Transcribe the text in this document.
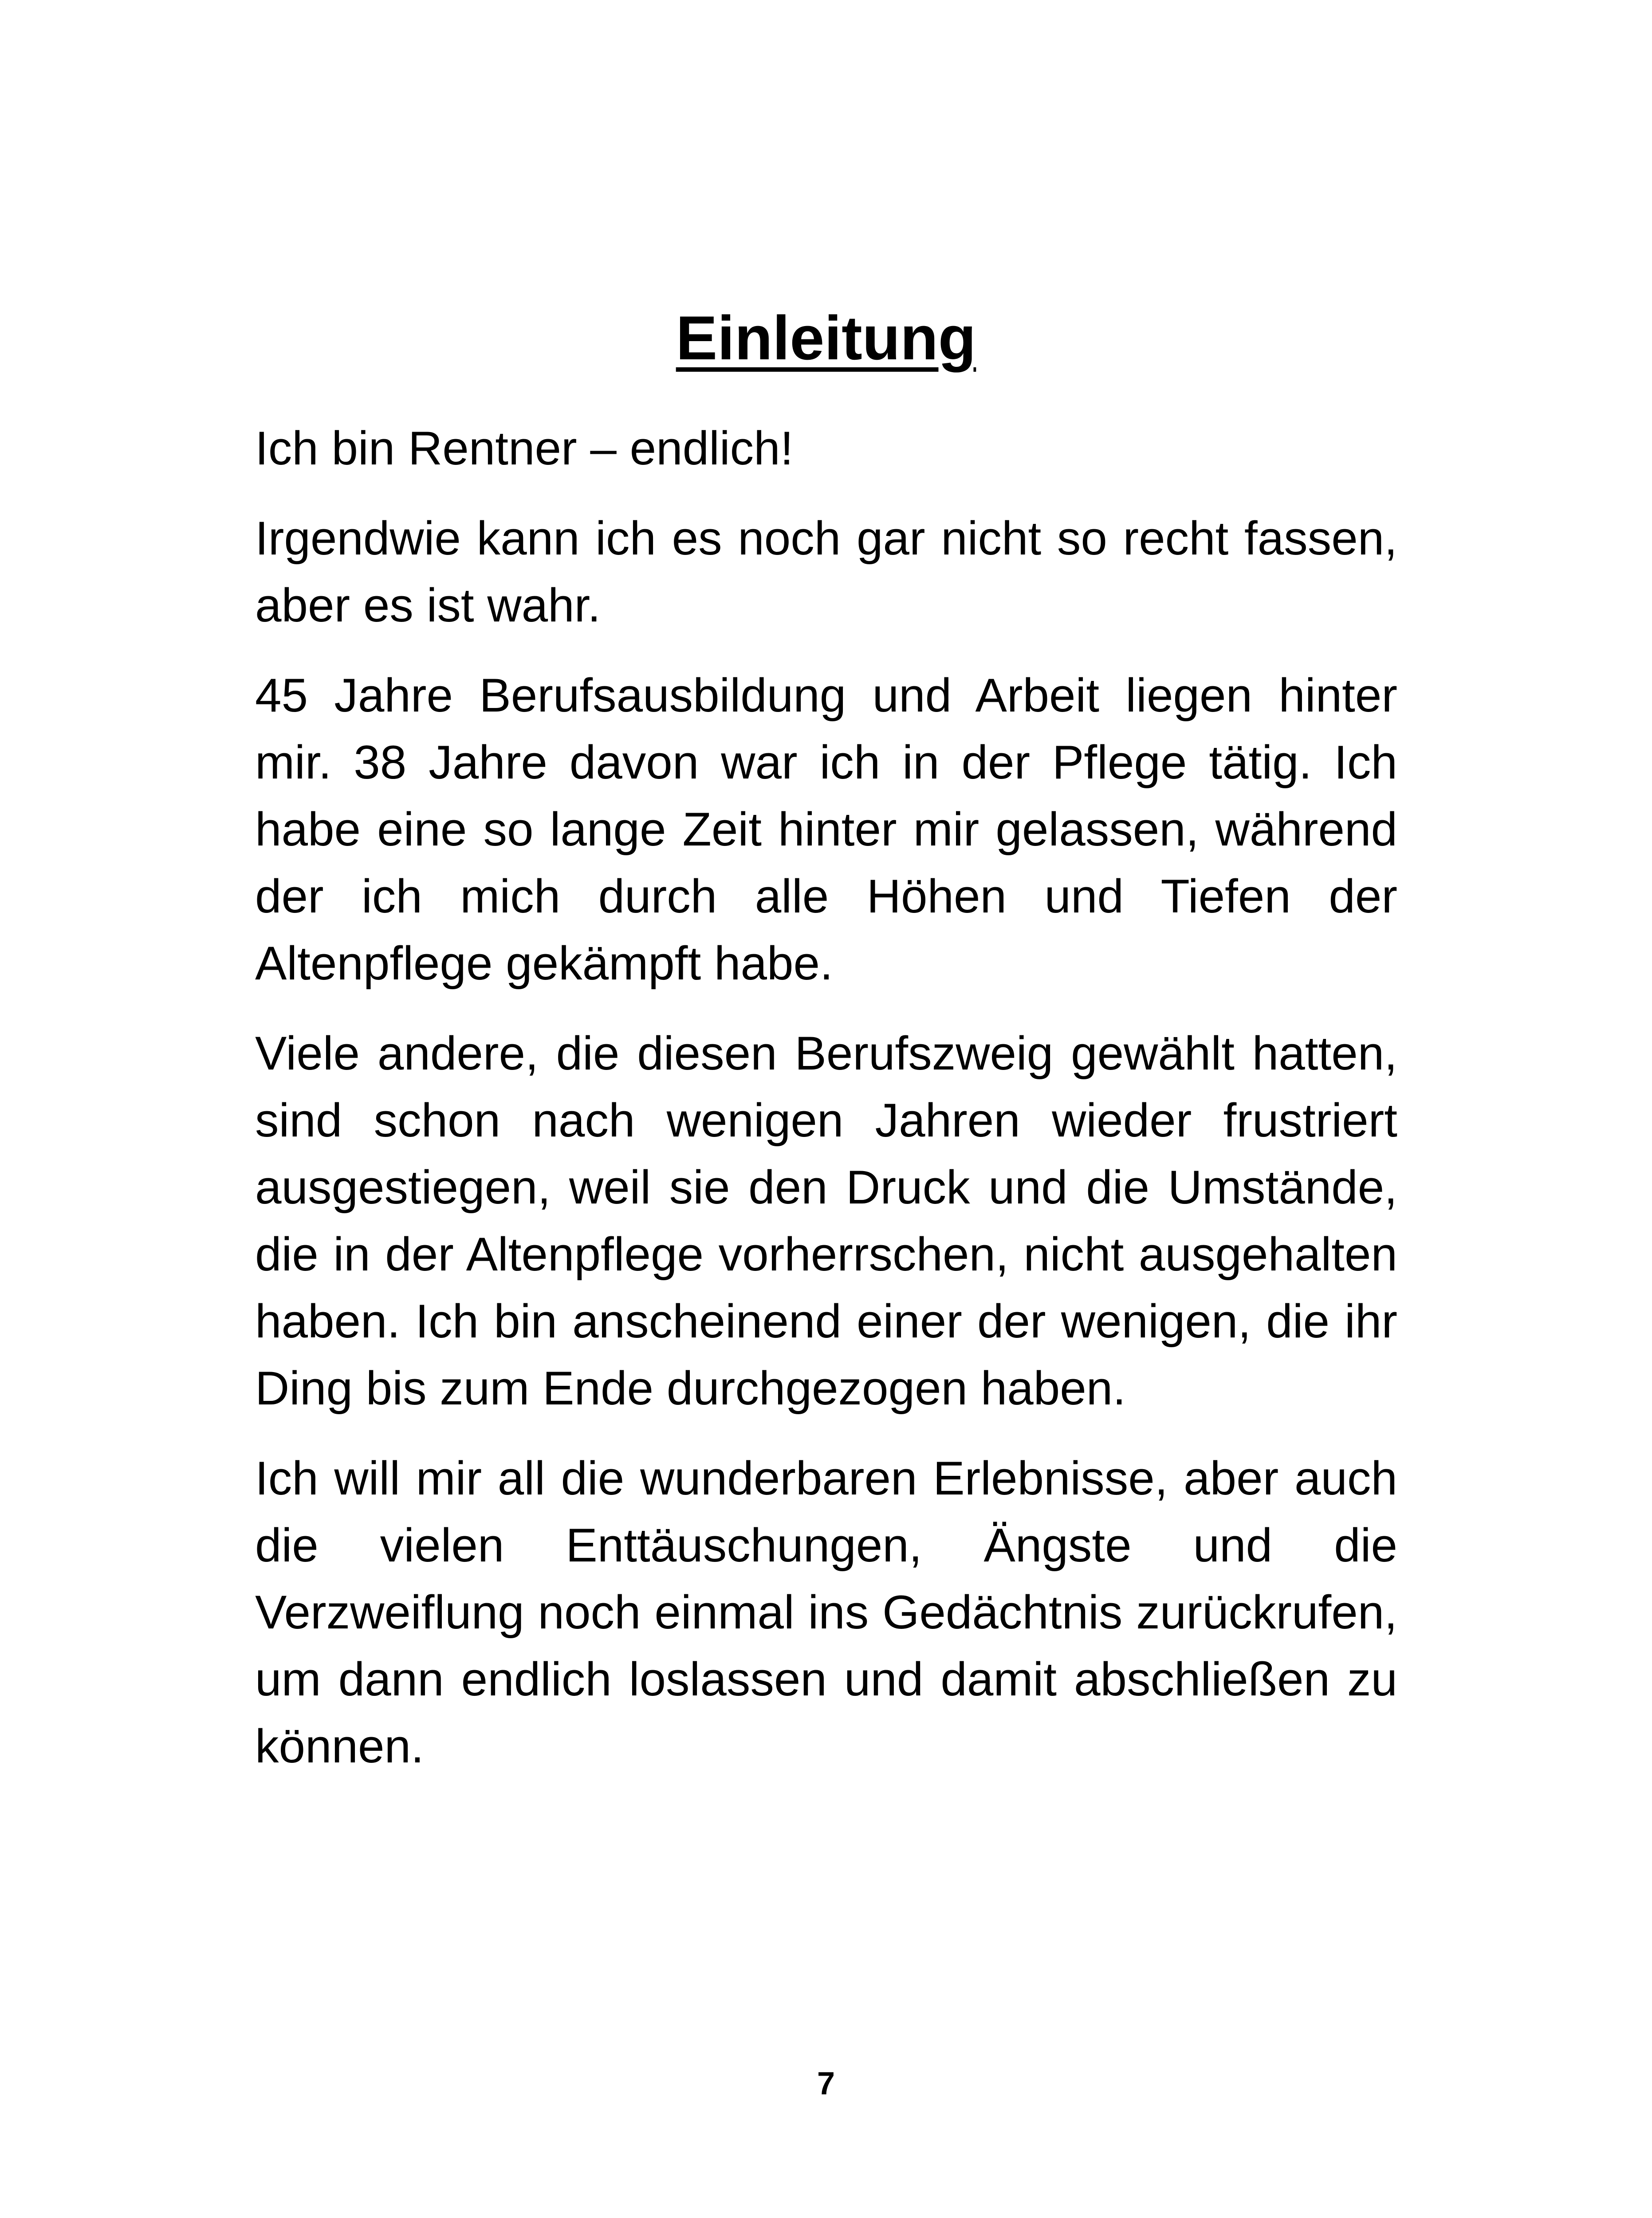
Einleitung

Ich bin Rentner – endlich!

Irgendwie kann ich es noch gar nicht so recht fassen, aber es ist wahr.

45 Jahre Berufsausbildung und Arbeit liegen hinter mir. 38 Jahre davon war ich in der Pflege tätig. Ich habe eine so lange Zeit hinter mir gelassen, während der ich mich durch alle Höhen und Tiefen der Altenpflege gekämpft habe.

Viele andere, die diesen Berufszweig gewählt hatten, sind schon nach wenigen Jahren wieder frustriert ausgestiegen, weil sie den Druck und die Umstände, die in der Altenpflege vorherrschen, nicht ausgehalten haben. Ich bin anscheinend einer der wenigen, die ihr Ding bis zum Ende durchgezogen haben.

Ich will mir all die wunderbaren Erlebnisse, aber auch die vielen Enttäuschungen, Ängste und die Verzweiflung noch einmal ins Gedächtnis zurückrufen, um dann endlich loslassen und damit abschließen zu können.

7
